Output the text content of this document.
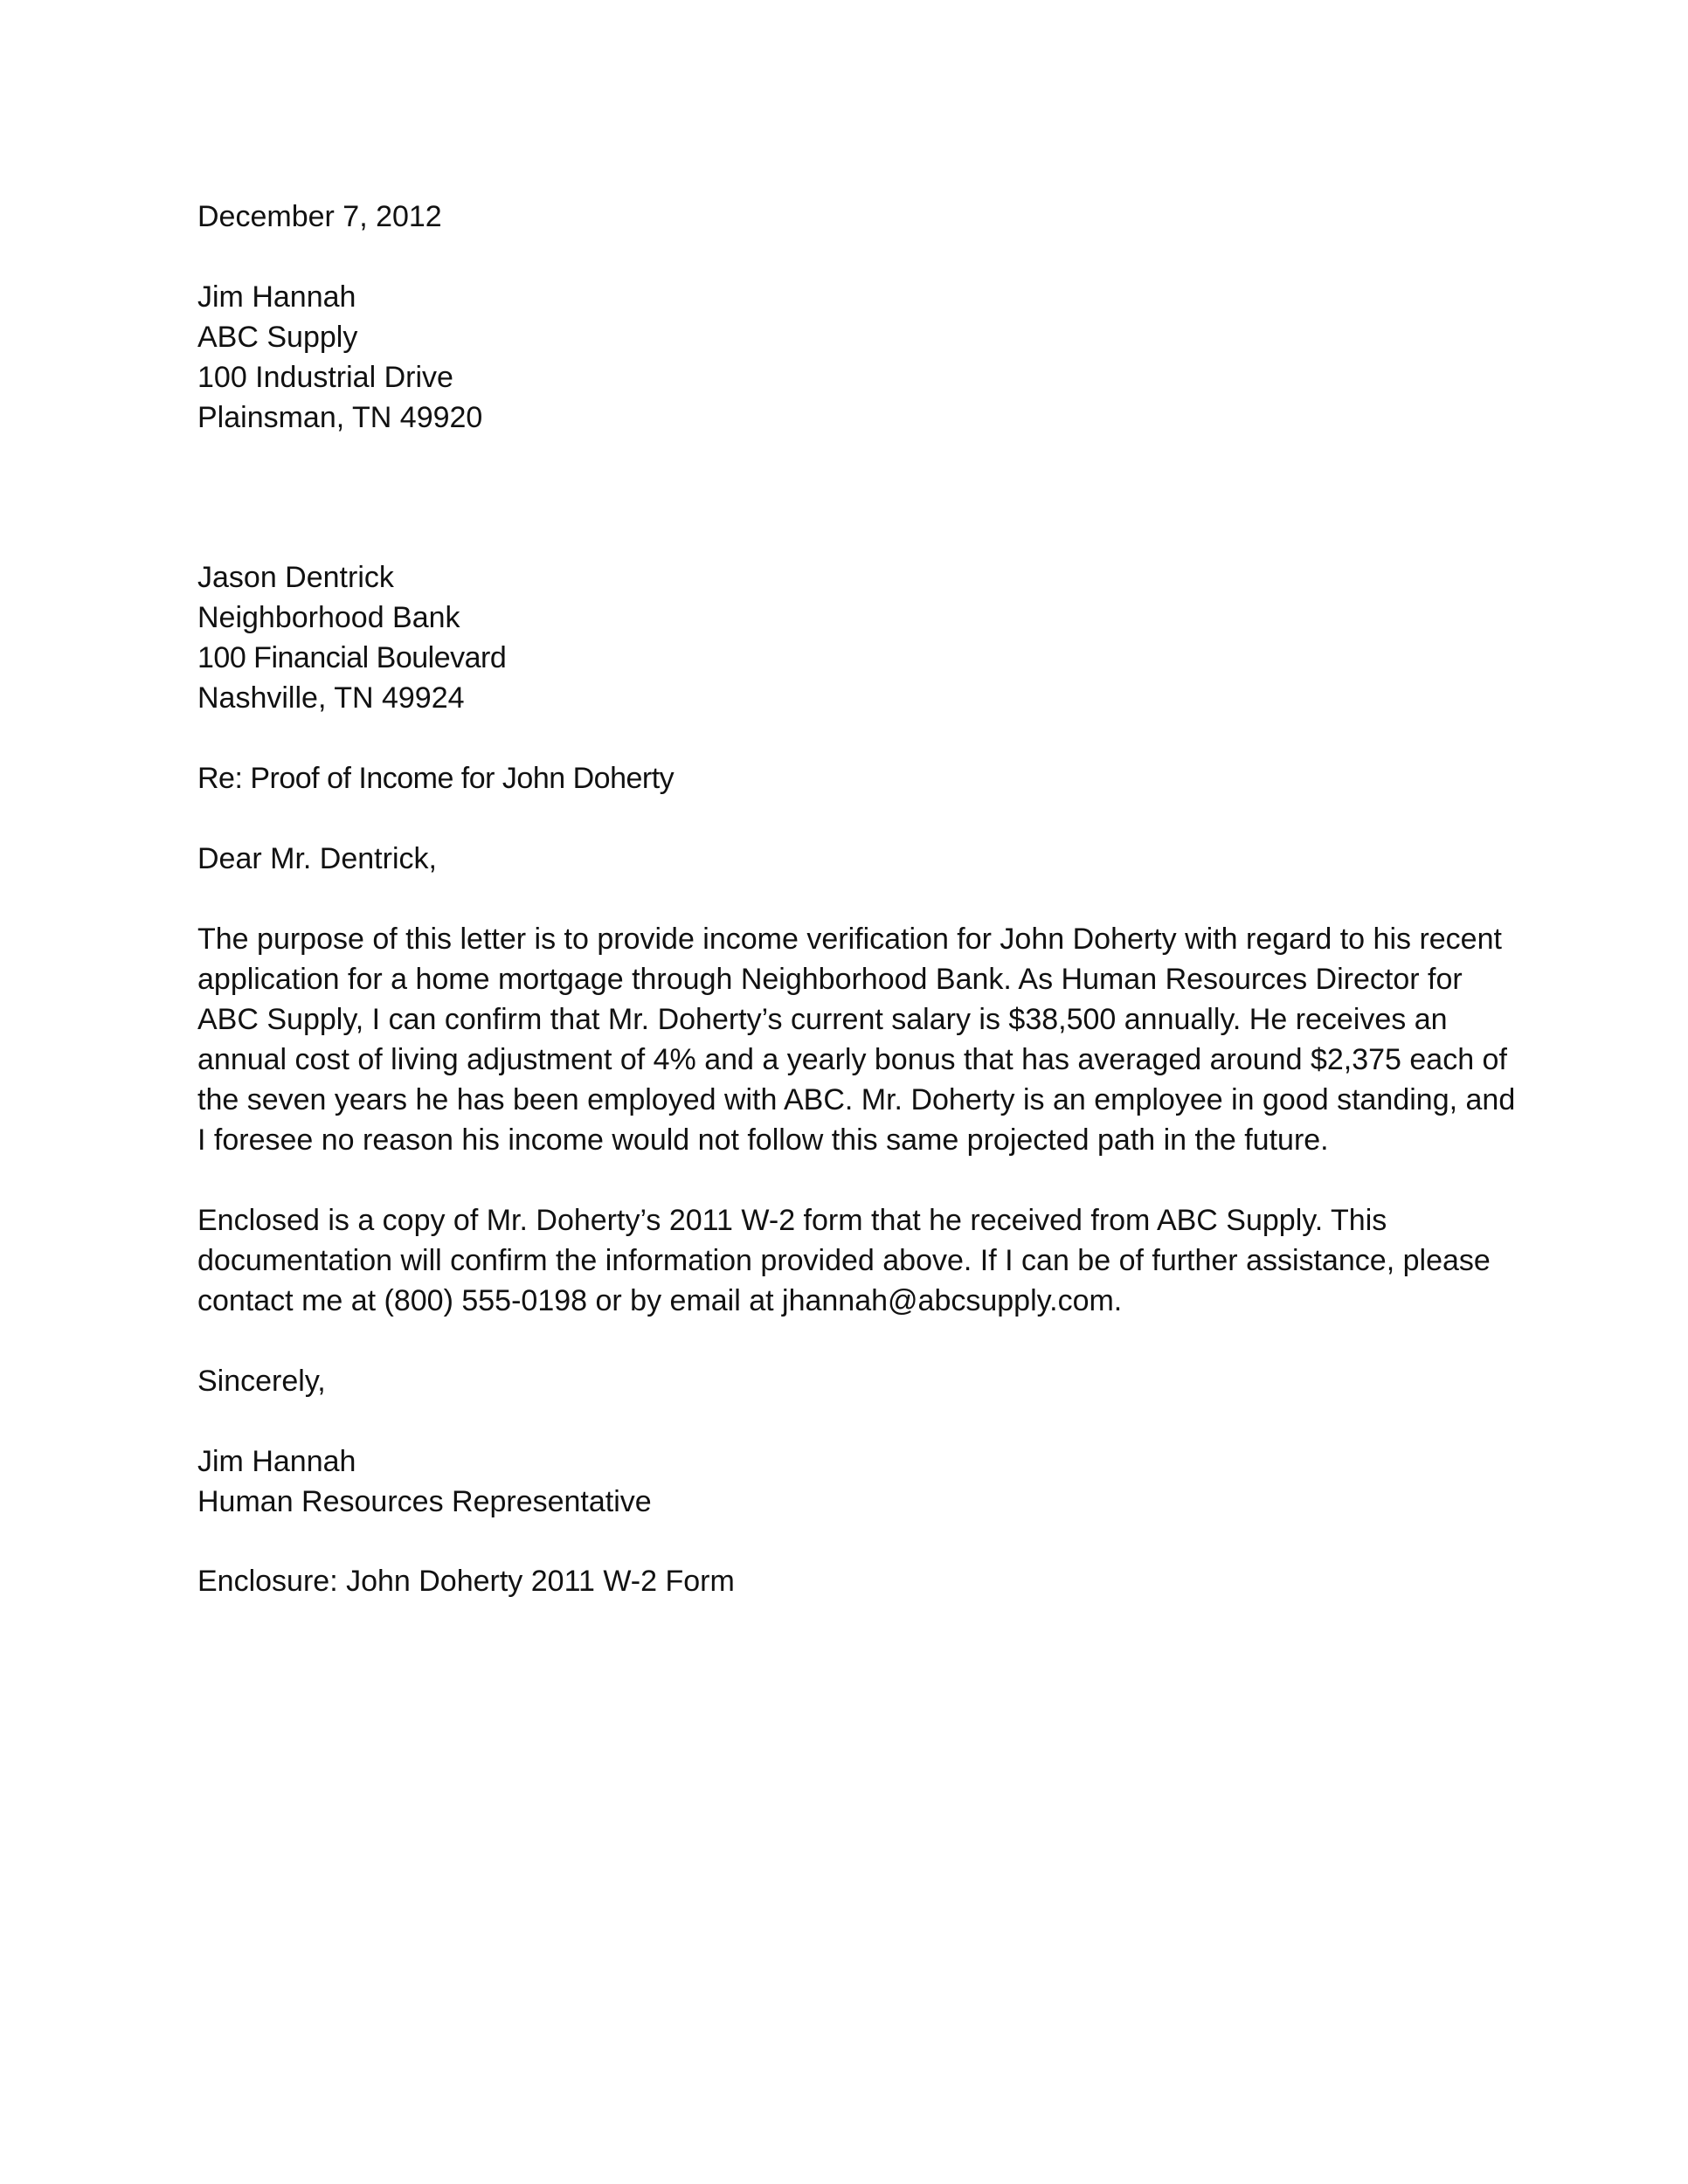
December 7, 2012
Jim Hannah
ABC Supply
100 Industrial Drive
Plainsman, TN 49920
Jason Dentrick
Neighborhood Bank
100 Financial Boulevard
Nashville, TN 49924
Re: Proof of Income for John Doherty
Dear Mr. Dentrick,

The purpose of this letter is to provide income verification for John Doherty with regard to his recent application for a home mortgage through Neighborhood Bank. As Human Resources Director for ABC Supply, I can confirm that Mr. Doherty’s current salary is $38,500 annually. He receives an annual cost of living adjustment of 4% and a yearly bonus that has averaged around $2,375 each of the seven years he has been employed with ABC. Mr. Doherty is an employee in good standing, and I foresee no reason his income would not follow this same projected path in the future.

Enclosed is a copy of Mr. Doherty’s 2011 W-2 form that he received from ABC Supply. This documentation will confirm the information provided above. If I can be of further assistance, please contact me at (800) 555-0198 or by email at jhannah@abcsupply.com.

Sincerely,
Jim Hannah
Human Resources Representative
Enclosure: John Doherty 2011 W-2 Form
